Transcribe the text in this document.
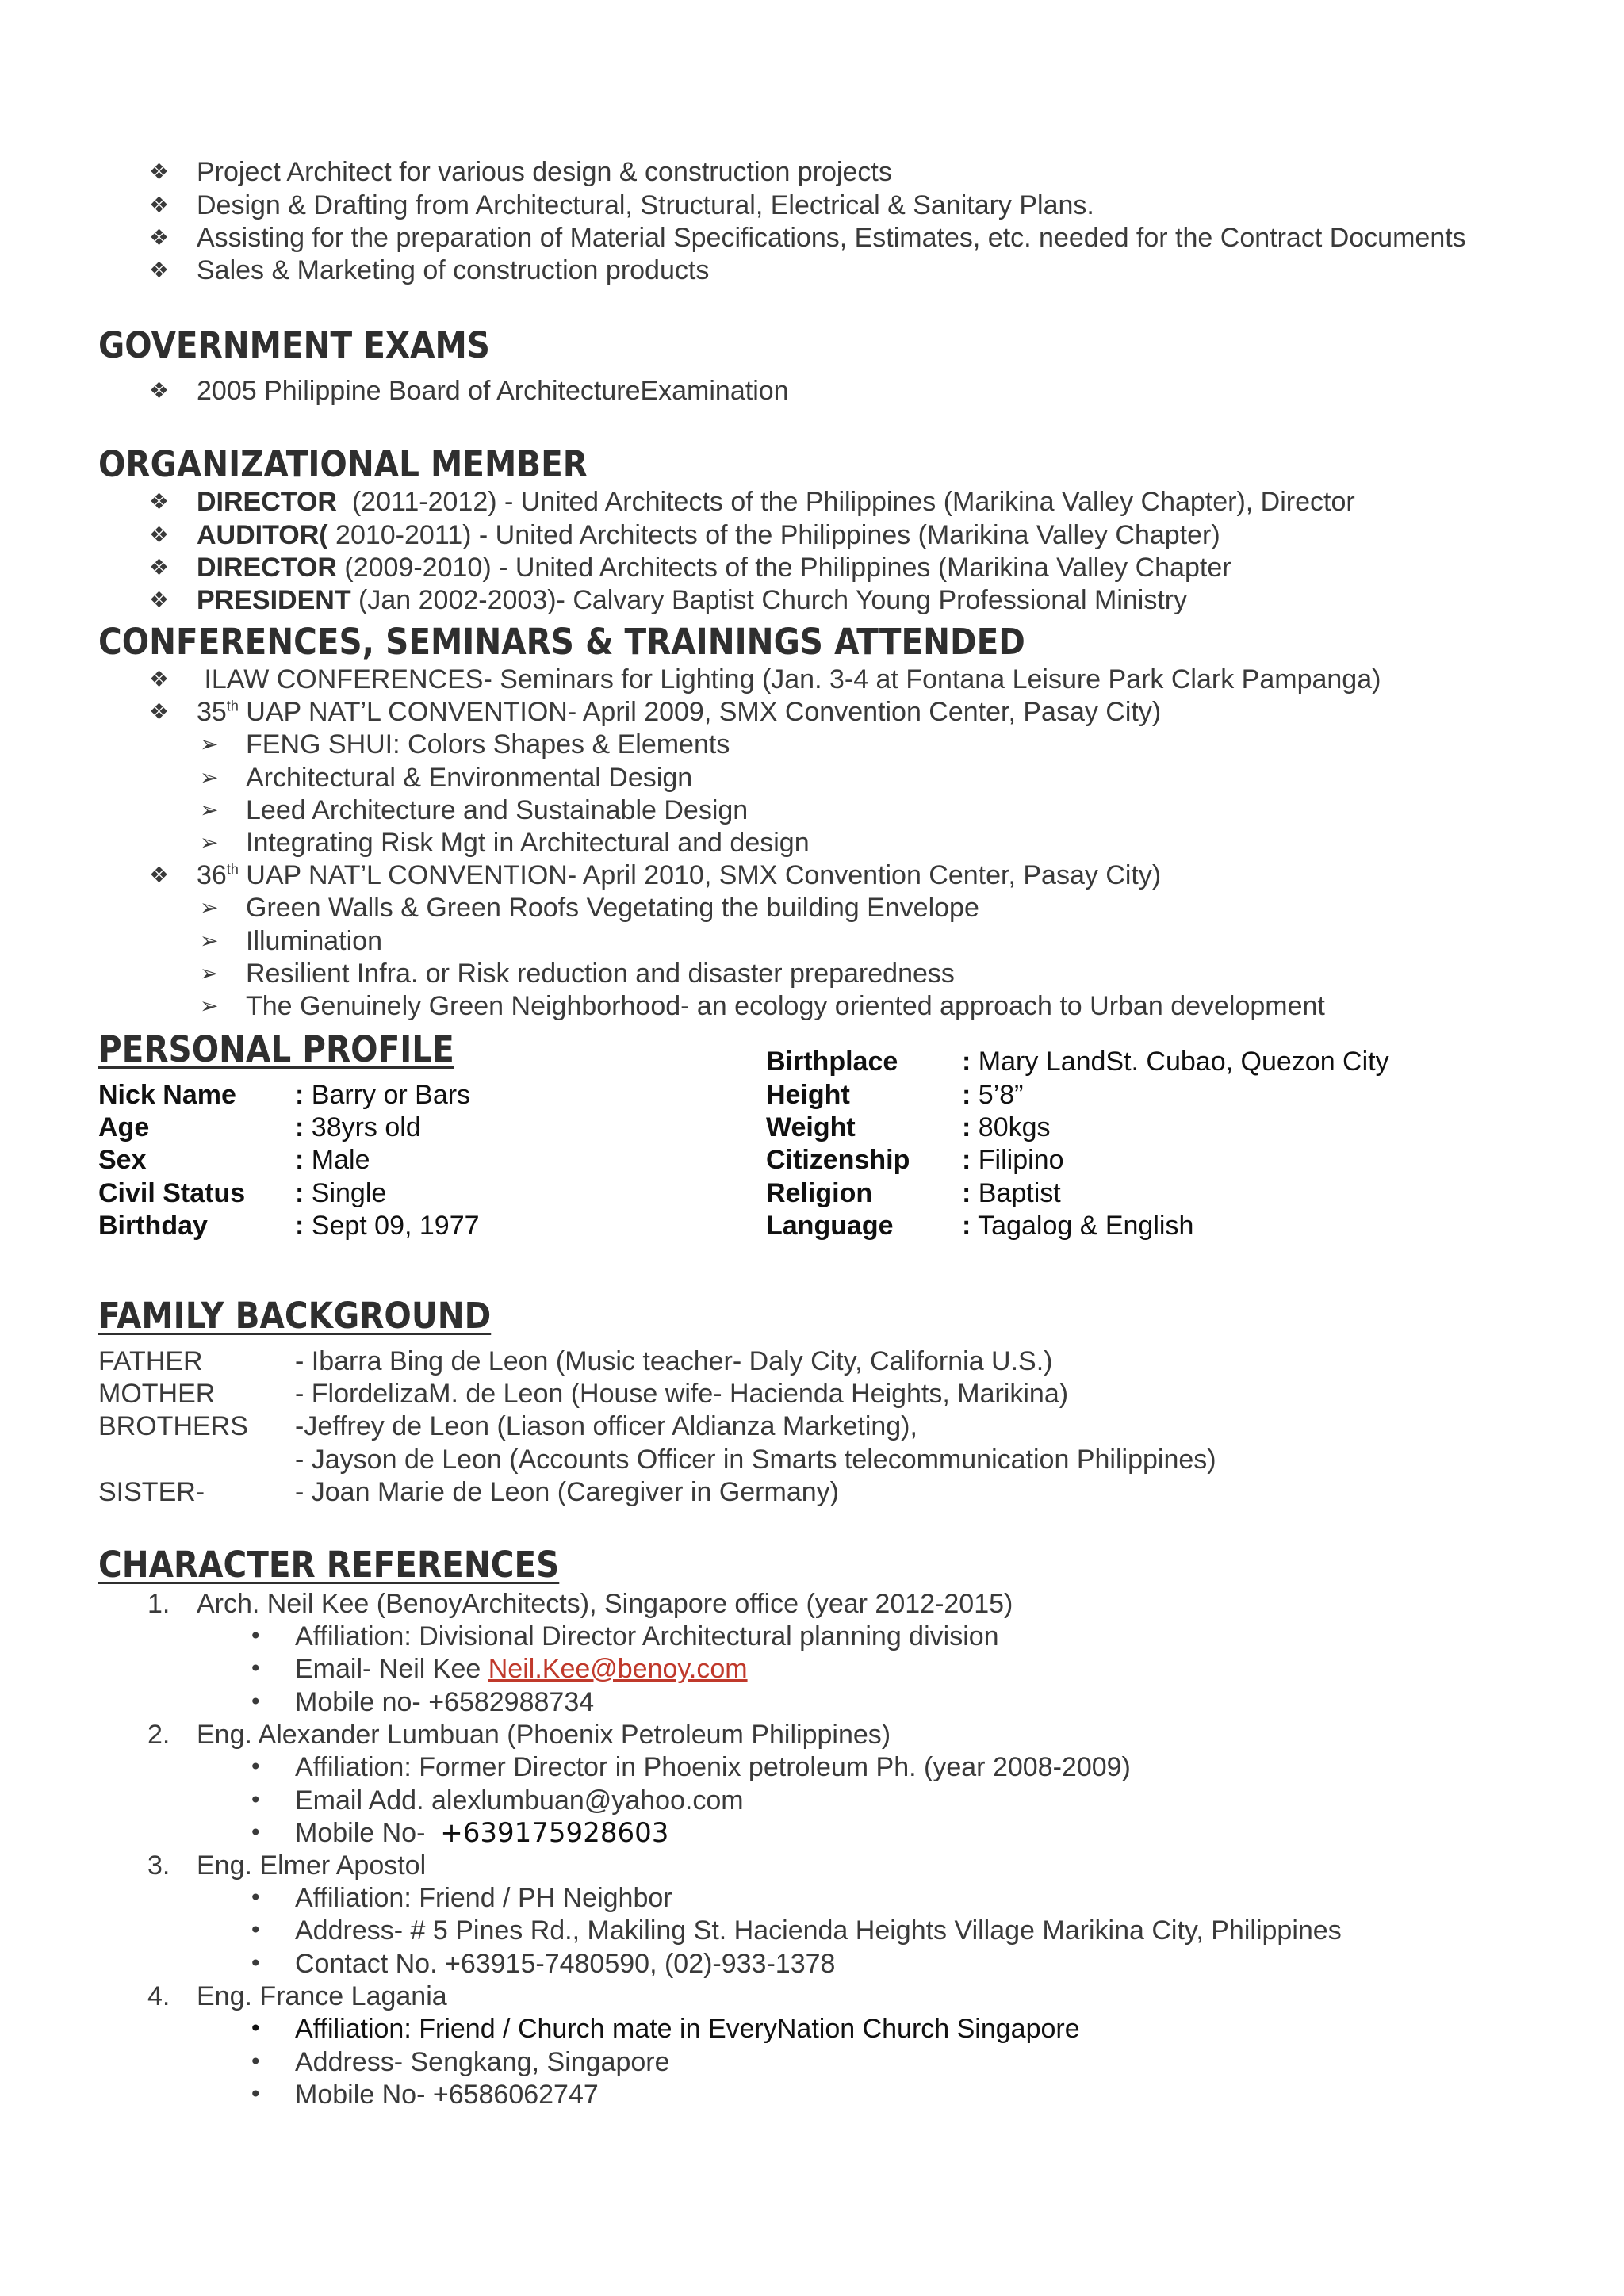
❖ Project Architect for various design & construction projects
❖ Design & Drafting from Architectural, Structural, Electrical & Sanitary Plans.
❖ Assisting for the preparation of Material Specifications, Estimates, etc. needed for the Contract Documents
❖ Sales & Marketing of construction products
GOVERNMENT EXAMS
❖ 2005 Philippine Board of ArchitectureExamination
ORGANIZATIONAL MEMBER
❖ DIRECTOR  (2011-2012) - United Architects of the Philippines (Marikina Valley Chapter), Director
❖ AUDITOR( 2010-2011) - United Architects of the Philippines (Marikina Valley Chapter)
❖ DIRECTOR (2009-2010) - United Architects of the Philippines (Marikina Valley Chapter
❖ PRESIDENT (Jan 2002-2003)- Calvary Baptist Church Young Professional Ministry
CONFERENCES, SEMINARS & TRAININGS ATTENDED
❖ ILAW CONFERENCES- Seminars for Lighting (Jan. 3-4 at Fontana Leisure Park Clark Pampanga)
❖ 35th UAP NAT’L CONVENTION- April 2009, SMX Convention Center, Pasay City)
➢ FENG SHUI: Colors Shapes & Elements
➢ Architectural & Environmental Design
➢ Leed Architecture and Sustainable Design
➢ Integrating Risk Mgt in Architectural and design
❖ 36th UAP NAT’L CONVENTION- April 2010, SMX Convention Center, Pasay City)
➢ Green Walls & Green Roofs Vegetating the building Envelope
➢ Illumination
➢ Resilient Infra. or Risk reduction and disaster preparedness
➢ The Genuinely Green Neighborhood- an ecology oriented approach to Urban development
PERSONAL PROFILE
Nick Name : Barry or Bars
Age	: 38yrs old
Sex	: Male
Civil Status : Single
Birthday	: Sept 09, 1977
Birthplace : Mary LandSt. Cubao, Quezon City
Height	: 5’8”
Weight	: 80kgs
Citizenship : Filipino
Religion	: Baptist
Language	: Tagalog & English
FAMILY BACKGROUND
FATHER	- Ibarra Bing de Leon (Music teacher- Daly City, California U.S.)
MOTHER	- FlordelizaM. de Leon (House wife- Hacienda Heights, Marikina)
BROTHERS -Jeffrey de Leon (Liason officer Aldianza Marketing),
- Jayson de Leon (Accounts Officer in Smarts telecommunication Philippines)
SISTER-	- Joan Marie de Leon (Caregiver in Germany)
CHARACTER REFERENCES
1. Arch. Neil Kee (BenoyArchitects), Singapore office (year 2012-2015)
• Affiliation: Divisional Director Architectural planning division
• Email- Neil Kee Neil.Kee@benoy.com
• Mobile no- +6582988734
2. Eng. Alexander Lumbuan (Phoenix Petroleum Philippines)
• Affiliation: Former Director in Phoenix petroleum Ph. (year 2008-2009)
• Email Add. alexlumbuan@yahoo.com
• Mobile No-  +639175928603
3. Eng. Elmer Apostol
• Affiliation: Friend / PH Neighbor
• Address- # 5 Pines Rd., Makiling St. Hacienda Heights Village Marikina City, Philippines
• Contact No. +63915-7480590, (02)-933-1378
4. Eng. France Lagania
• Affiliation: Friend / Church mate in EveryNation Church Singapore
• Address- Sengkang, Singapore
• Mobile No- +6586062747
